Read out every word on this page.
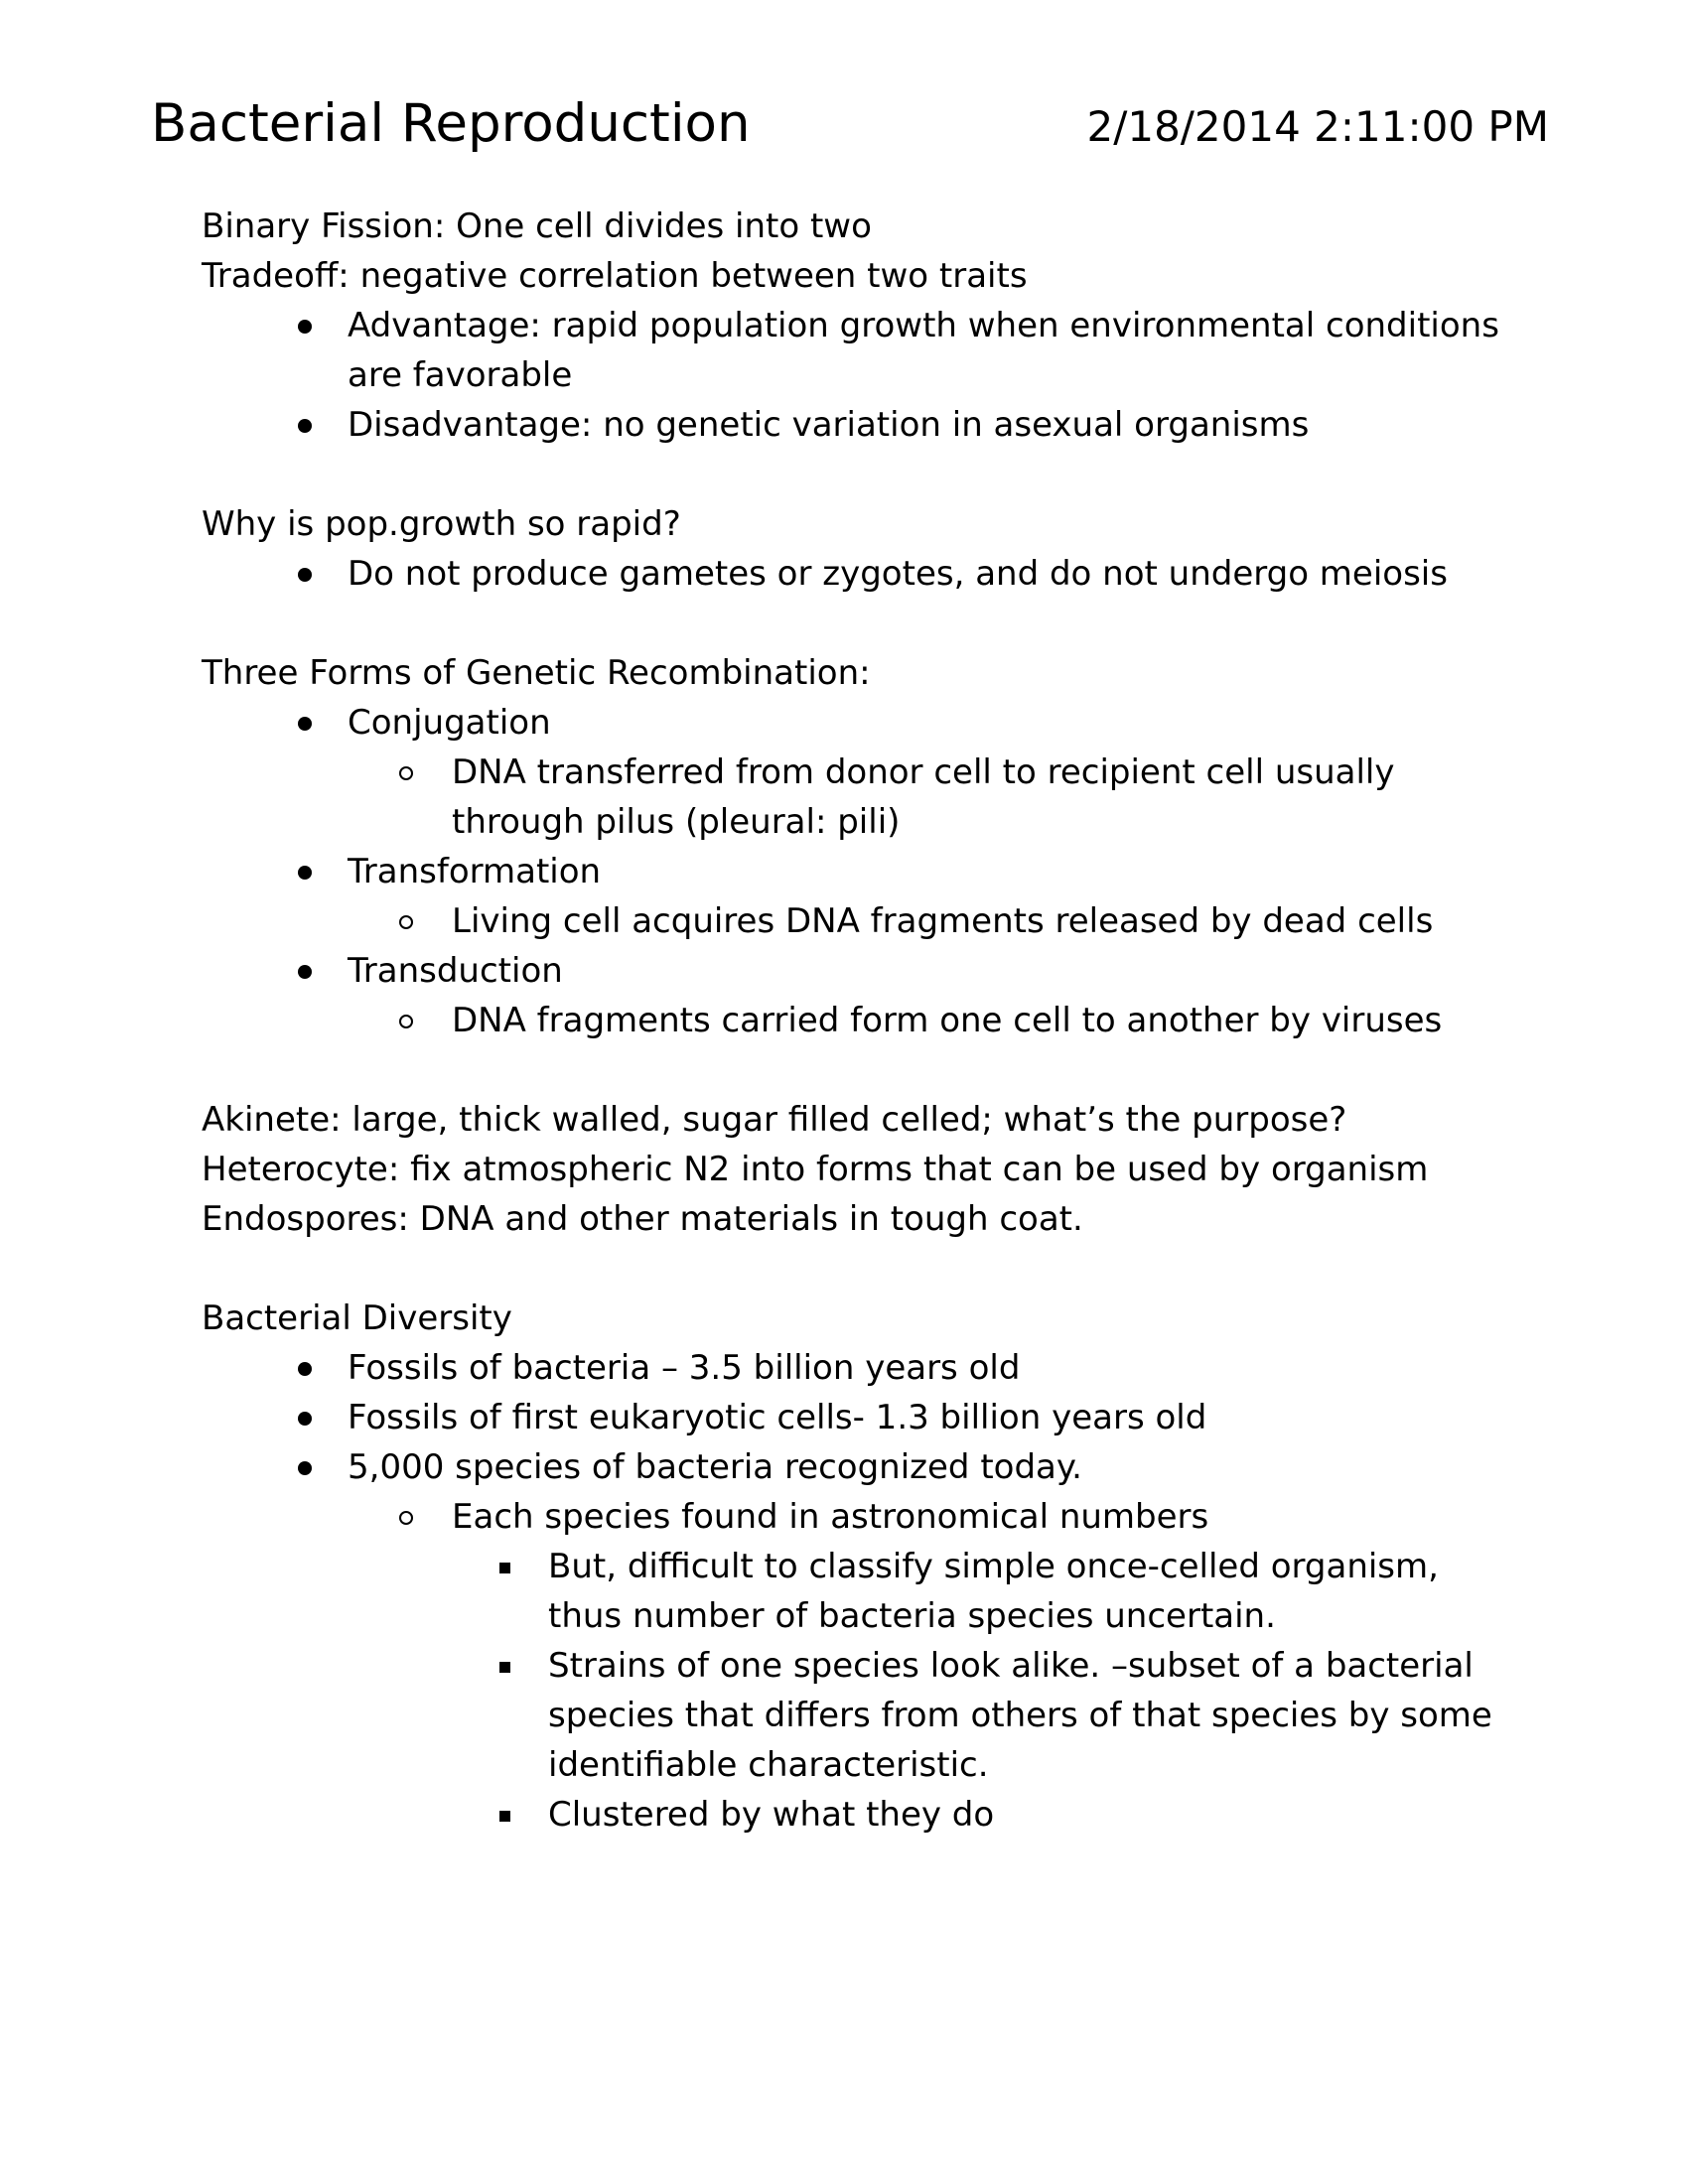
Bacterial Reproduction	2/18/2014 2:11:00 PM
Binary Fission: One cell divides into two
Tradeoff: negative correlation between two traits
Advantage: rapid population growth when environmental conditions
are favorable
Disadvantage: no genetic variation in asexual organisms
Why is pop.growth so rapid?
Do not produce gametes or zygotes, and do not undergo meiosis
Three Forms of Genetic Recombination:
Conjugation
DNA transferred from donor cell to recipient cell usually
through pilus (pleural: pili)
Transformation
Living cell acquires DNA fragments released by dead cells
Transduction
DNA fragments carried form one cell to another by viruses
Akinete: large, thick walled, sugar filled celled; what’s the purpose?
Heterocyte: fix atmospheric N2 into forms that can be used by organism
Endospores: DNA and other materials in tough coat.
Bacterial Diversity
Fossils of bacteria – 3.5 billion years old
Fossils of first eukaryotic cells- 1.3 billion years old
5,000 species of bacteria recognized today.
Each species found in astronomical numbers
But, difficult to classify simple once-celled organism,
thus number of bacteria species uncertain.
Strains of one species look alike. –subset of a bacterial
species that differs from others of that species by some
identifiable characteristic.
Clustered by what they do
